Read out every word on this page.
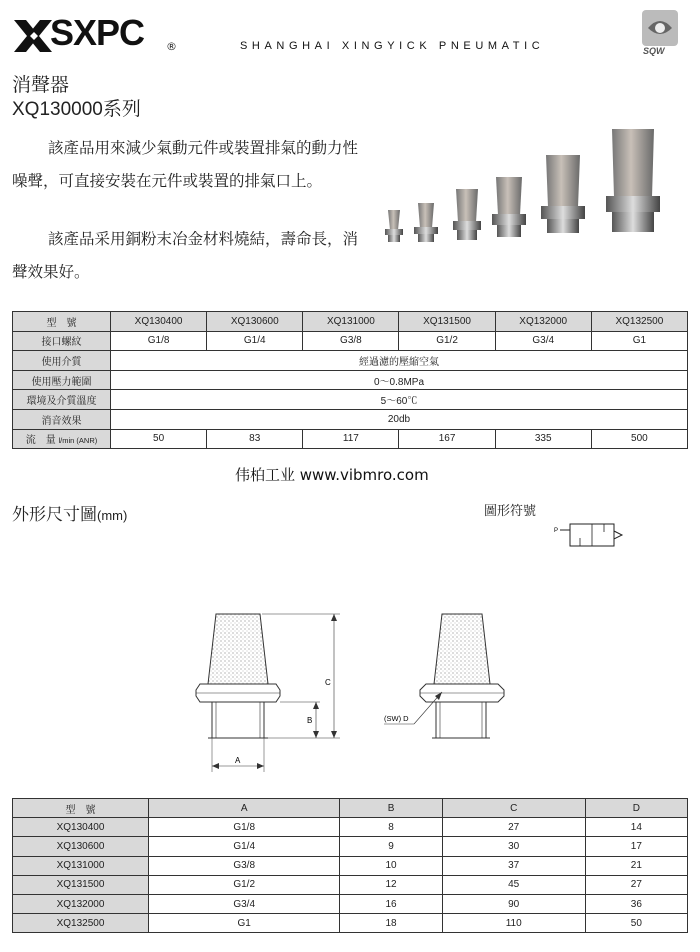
SXPC ®	SHANGHAI XINGYICK PNEUMATIC	SQW
消聲器
XQ130000系列
該產品用來減少氣動元件或裝置排氣的動力性噪聲，可直接安裝在元件或裝置的排氣口上。
該產品采用銅粉末冶金材料燒結，壽命長，消聲效果好。
型　號	XQ130400	XQ130600	XQ131000	XQ131500	XQ132000	XQ132500
接口螺紋	G1/8	G1/4	G3/8	G1/2	G3/4	G1
使用介質	經過濾的壓縮空氣					
使用壓力範圍	0～0.8MPa					
環境及介質溫度	5～60℃					
消音效果	20db					
流　量 l/min (ANR)	50	83	117	167	335	500
伟柏工业 www.vibmro.com
外形尺寸圖(mm)	圖形符號
P
C
B
A
(SW) D
型　號	A	B	C	D
XQ130400	G1/8	8	27	14
XQ130600	G1/4	9	30	17
XQ131000	G3/8	10	37	21
XQ131500	G1/2	12	45	27
XQ132000	G3/4	16	90	36
XQ132500	G1	18	110	50
